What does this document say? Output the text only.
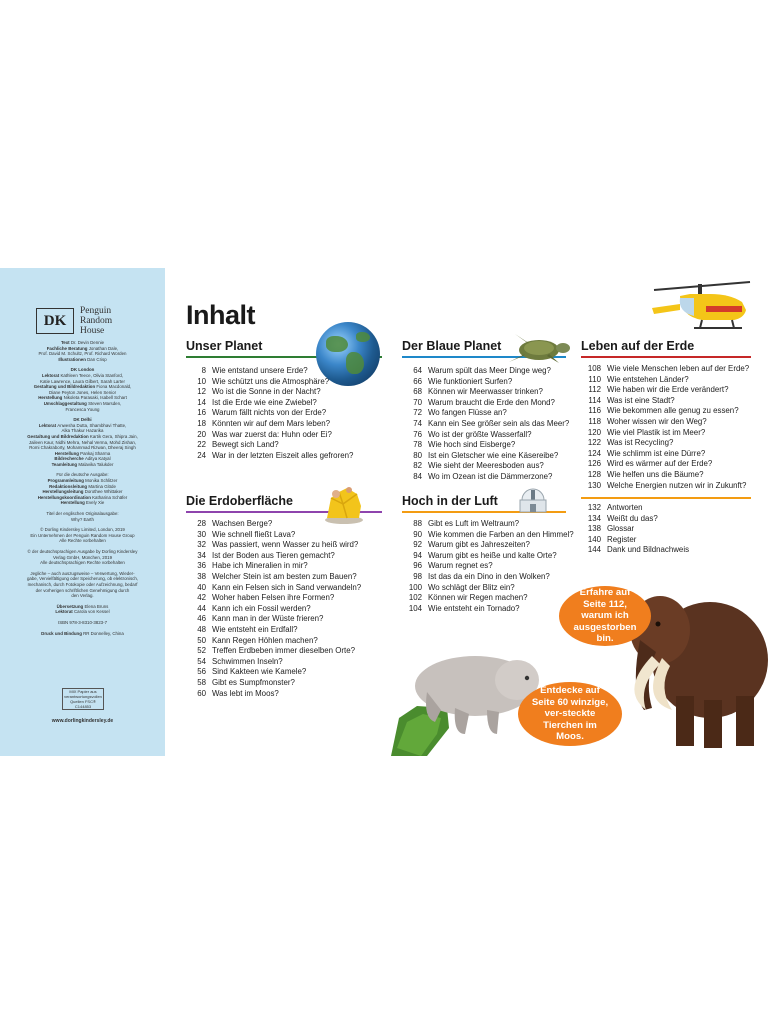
DK
Penguin Random House
Text Dr. Devin Dennie
Fachliche Beratung Jonathan Dale,
Prof. David M. Schultz, Prof. Richard Worden
Illustrationen Dan Crisp
DK London
Lektorat Kathleen Teece, Olivia Stanford,
Katie Lawrence, Laura Gilbert, Sarah Larter
Gestaltung und Bildredaktion Fiona Macdonald,
Diane Peyton Jones, Helen Senior
Herstellung Nikoleta Parasaki, Isabell Schart
Umschlaggestaltung Steven Marsden,
Francesca Young
DK Delhi
Lektorat Anwesha Dutta, Shambhavi Thatte,
Alka Thakur Hazarika
Gestaltung und Bildredaktion Kartik Gera, Shipra Jain,
Jaileen Kaur, Nidhi Mehra, Nehal Verma, Mohd Zishan,
Romi Chakraborty, Mohammad Rizwan, Dheeraj Singh
Herstellung Pankaj Sharma
Bildrecherche Aditya Katyal
Teamleitung Malavika Talukder
Für die deutsche Ausgabe:
Programmleitung Monika Schlitzer
Redaktionsleitung Martina Glöde
Herstellungsleitung Dorothee Whittaker
Herstellungskoordination Katharina Schäfer
Herstellung Evely Xie
Titel der englischen Originalausgabe:
Why? Earth
© Dorling Kindersley Limited, London, 2019
Ein Unternehmen der Penguin Random House Group
Alle Rechte vorbehalten
© der deutschsprachigen Ausgabe by Dorling Kindersley
Verlag GmbH, München, 2019
Alle deutschsprachigen Rechte vorbehalten
Jegliche – auch auszugsweise – Verwertung, Wieder-
gabe, Vervielfältigung oder Speicherung, ob elektronisch,
mechanisch, durch Fotokopie oder Aufzeichnung, bedarf
der vorherigen schriftlichen Genehmigung durch
den Verlag.
Übersetzung Elena Bruns
Lektorat Carola von Kessel
ISBN 978-3-8310-3823-7
Druck und Bindung RR Donnelley, China
MIX Papier aus verantwortungsvollen Quellen FSC® C144853
www.dorlingkindersley.de
Inhalt
Unser Planet
8 Wie entstand unsere Erde?
10 Wie schützt uns die Atmosphäre?
12 Wo ist die Sonne in der Nacht?
14 Ist die Erde wie eine Zwiebel?
16 Warum fällt nichts von der Erde?
18 Könnten wir auf dem Mars leben?
20 Was war zuerst da: Huhn oder Ei?
22 Bewegt sich Land?
24 War in der letzten Eiszeit alles gefroren?
Die Erdoberfläche
28 Wachsen Berge?
30 Wie schnell fließt Lava?
32 Was passiert, wenn Wasser zu heiß wird?
34 Ist der Boden aus Tieren gemacht?
36 Habe ich Mineralien in mir?
38 Welcher Stein ist am besten zum Bauen?
40 Kann ein Felsen sich in Sand verwandeln?
42 Woher haben Felsen ihre Formen?
44 Kann ich ein Fossil werden?
46 Kann man in der Wüste frieren?
48 Wie entsteht ein Erdfall?
50 Kann Regen Höhlen machen?
52 Treffen Erdbeben immer dieselben Orte?
54 Schwimmen Inseln?
56 Sind Kakteen wie Kamele?
58 Gibt es Sumpfmonster?
60 Was lebt im Moos?
Der Blaue Planet
64 Warum spült das Meer Dinge weg?
66 Wie funktioniert Surfen?
68 Können wir Meerwasser trinken?
70 Warum braucht die Erde den Mond?
72 Wo fangen Flüsse an?
74 Kann ein See größer sein als das Meer?
76 Wo ist der größte Wasserfall?
78 Wie hoch sind Eisberge?
80 Ist ein Gletscher wie eine Käsereibe?
82 Wie sieht der Meeresboden aus?
84 Wo im Ozean ist die Dämmerzone?
Hoch in der Luft
88 Gibt es Luft im Weltraum?
90 Wie kommen die Farben an den Himmel?
92 Warum gibt es Jahreszeiten?
94 Warum gibt es heiße und kalte Orte?
96 Warum regnet es?
98 Ist das da ein Dino in den Wolken?
100 Wo schlägt der Blitz ein?
102 Können wir Regen machen?
104 Wie entsteht ein Tornado?
Leben auf der Erde
108 Wie viele Menschen leben auf der Erde?
110 Wie entstehen Länder?
112 Wie haben wir die Erde verändert?
114 Was ist eine Stadt?
116 Wie bekommen alle genug zu essen?
118 Woher wissen wir den Weg?
120 Wie viel Plastik ist im Meer?
122 Was ist Recycling?
124 Wie schlimm ist eine Dürre?
126 Wird es wärmer auf der Erde?
128 Wie helfen uns die Bäume?
130 Welche Energien nutzen wir in Zukunft?
132 Antworten
134 Weißt du das?
138 Glossar
140 Register
144 Dank und Bildnachweis
Erfahre auf Seite 112, warum ich ausgestorben bin.
Entdecke auf Seite 60 winzige, ver-steckte Tierchen im Moos.
